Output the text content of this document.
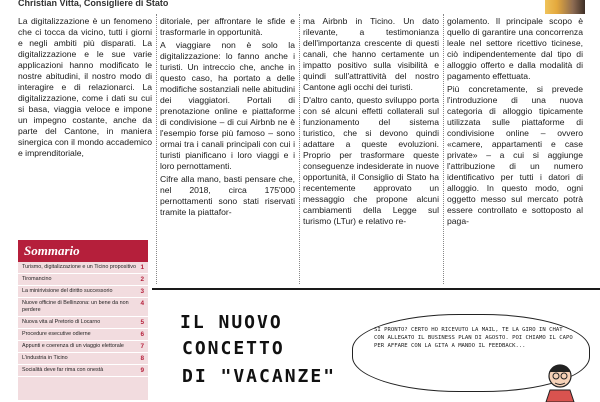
Christian Vitta, Consigliere di Stato

La digitalizzazione è un fenomeno che ci tocca da vicino, tutti i giorni e negli ambiti più disparati. La digitalizzazione e le sue varie applicazioni hanno modificato le nostre abitudini, il nostro modo di interagire e di relazionarci. La digitalizzazione, come i dati su cui si basa, viaggia veloce e impone un impegno costante, anche da parte del Cantone, in maniera sinergica con il mondo accademico e imprenditoriale,

ditoriale, per affrontare le sfide e trasformarle in opportunità.

A viaggiare non è solo la digitalizzazione: lo fanno anche i turisti. Un intreccio che, anche in questo caso, ha portato a delle modifiche sostanziali nelle abitudini dei viaggiatori. Portali di prenotazione online e piattaforme di condivisione – di cui Airbnb ne è l'esempio forse più famoso – sono ormai tra i canali principali con cui i turisti pianificano i loro viaggi e i loro pernottamenti.

Cifre alla mano, basti pensare che, nel 2018, circa 175'000 pernottamenti sono stati riservati tramite la piattafor-

ma Airbnb in Ticino. Un dato rilevante, a testimonianza dell'importanza crescente di questi canali, che hanno certamente un impatto positivo sulla visibilità e quindi sull'attrattività del nostro Cantone agli occhi dei turisti.

D'altro canto, questo sviluppo porta con sé alcuni effetti collaterali sul funzionamento del sistema turistico, che si devono quindi adattare a queste evoluzioni. Proprio per trasformare queste conseguenze indesiderate in nuove opportunità, il Consiglio di Stato ha recentemente approvato un messaggio che propone alcuni cambiamenti della Legge sul turismo (LTur) e relativo re-

golamento. Il principale scopo è quello di garantire una concorrenza leale nel settore ricettivo ticinese, ciò indipendentemente dal tipo di alloggio offerto e dalla modalità di pagamento effettuata.

Più concretamente, si prevede l'introduzione di una nuova categoria di alloggio tipicamente utilizzata sulle piattaforme di condivisione online – ovvero «camere, appartamenti e case private» – a cui si aggiunge l'attribuzione di un numero identificativo per tutti i datori di alloggio. In questo modo, ogni oggetto messo sul mercato potrà essere controllato e sottoposto al paga-

Sommario
Turismo, digitalizzazione e un Ticino propositivo 1
Tiromancino	2
La minirivisione del diritto successorio	3
Nuove officine di Bellinzona: un bene da non perdere
4
Nuova vita al Pretorio di Locarno	5
Procedure esecutive odierne	6
Appunti e coerenza di un viaggio elettorale	7
L'industria in Ticino	8
Socialità deve far rima con onestà	9
IL NUOVO
CONCETTO
DI "VACANZE"
SI PRONTO? CERTO HO RICEVUTO LA MAIL, TE LA GIRO IN CHAT CON ALLEGATO IL BUSINESS PLAN DI AGOSTO. POI CHIAMO IL CAPO PER AFFARE CON LA GITA A MANDO IL FEEDBACK...
